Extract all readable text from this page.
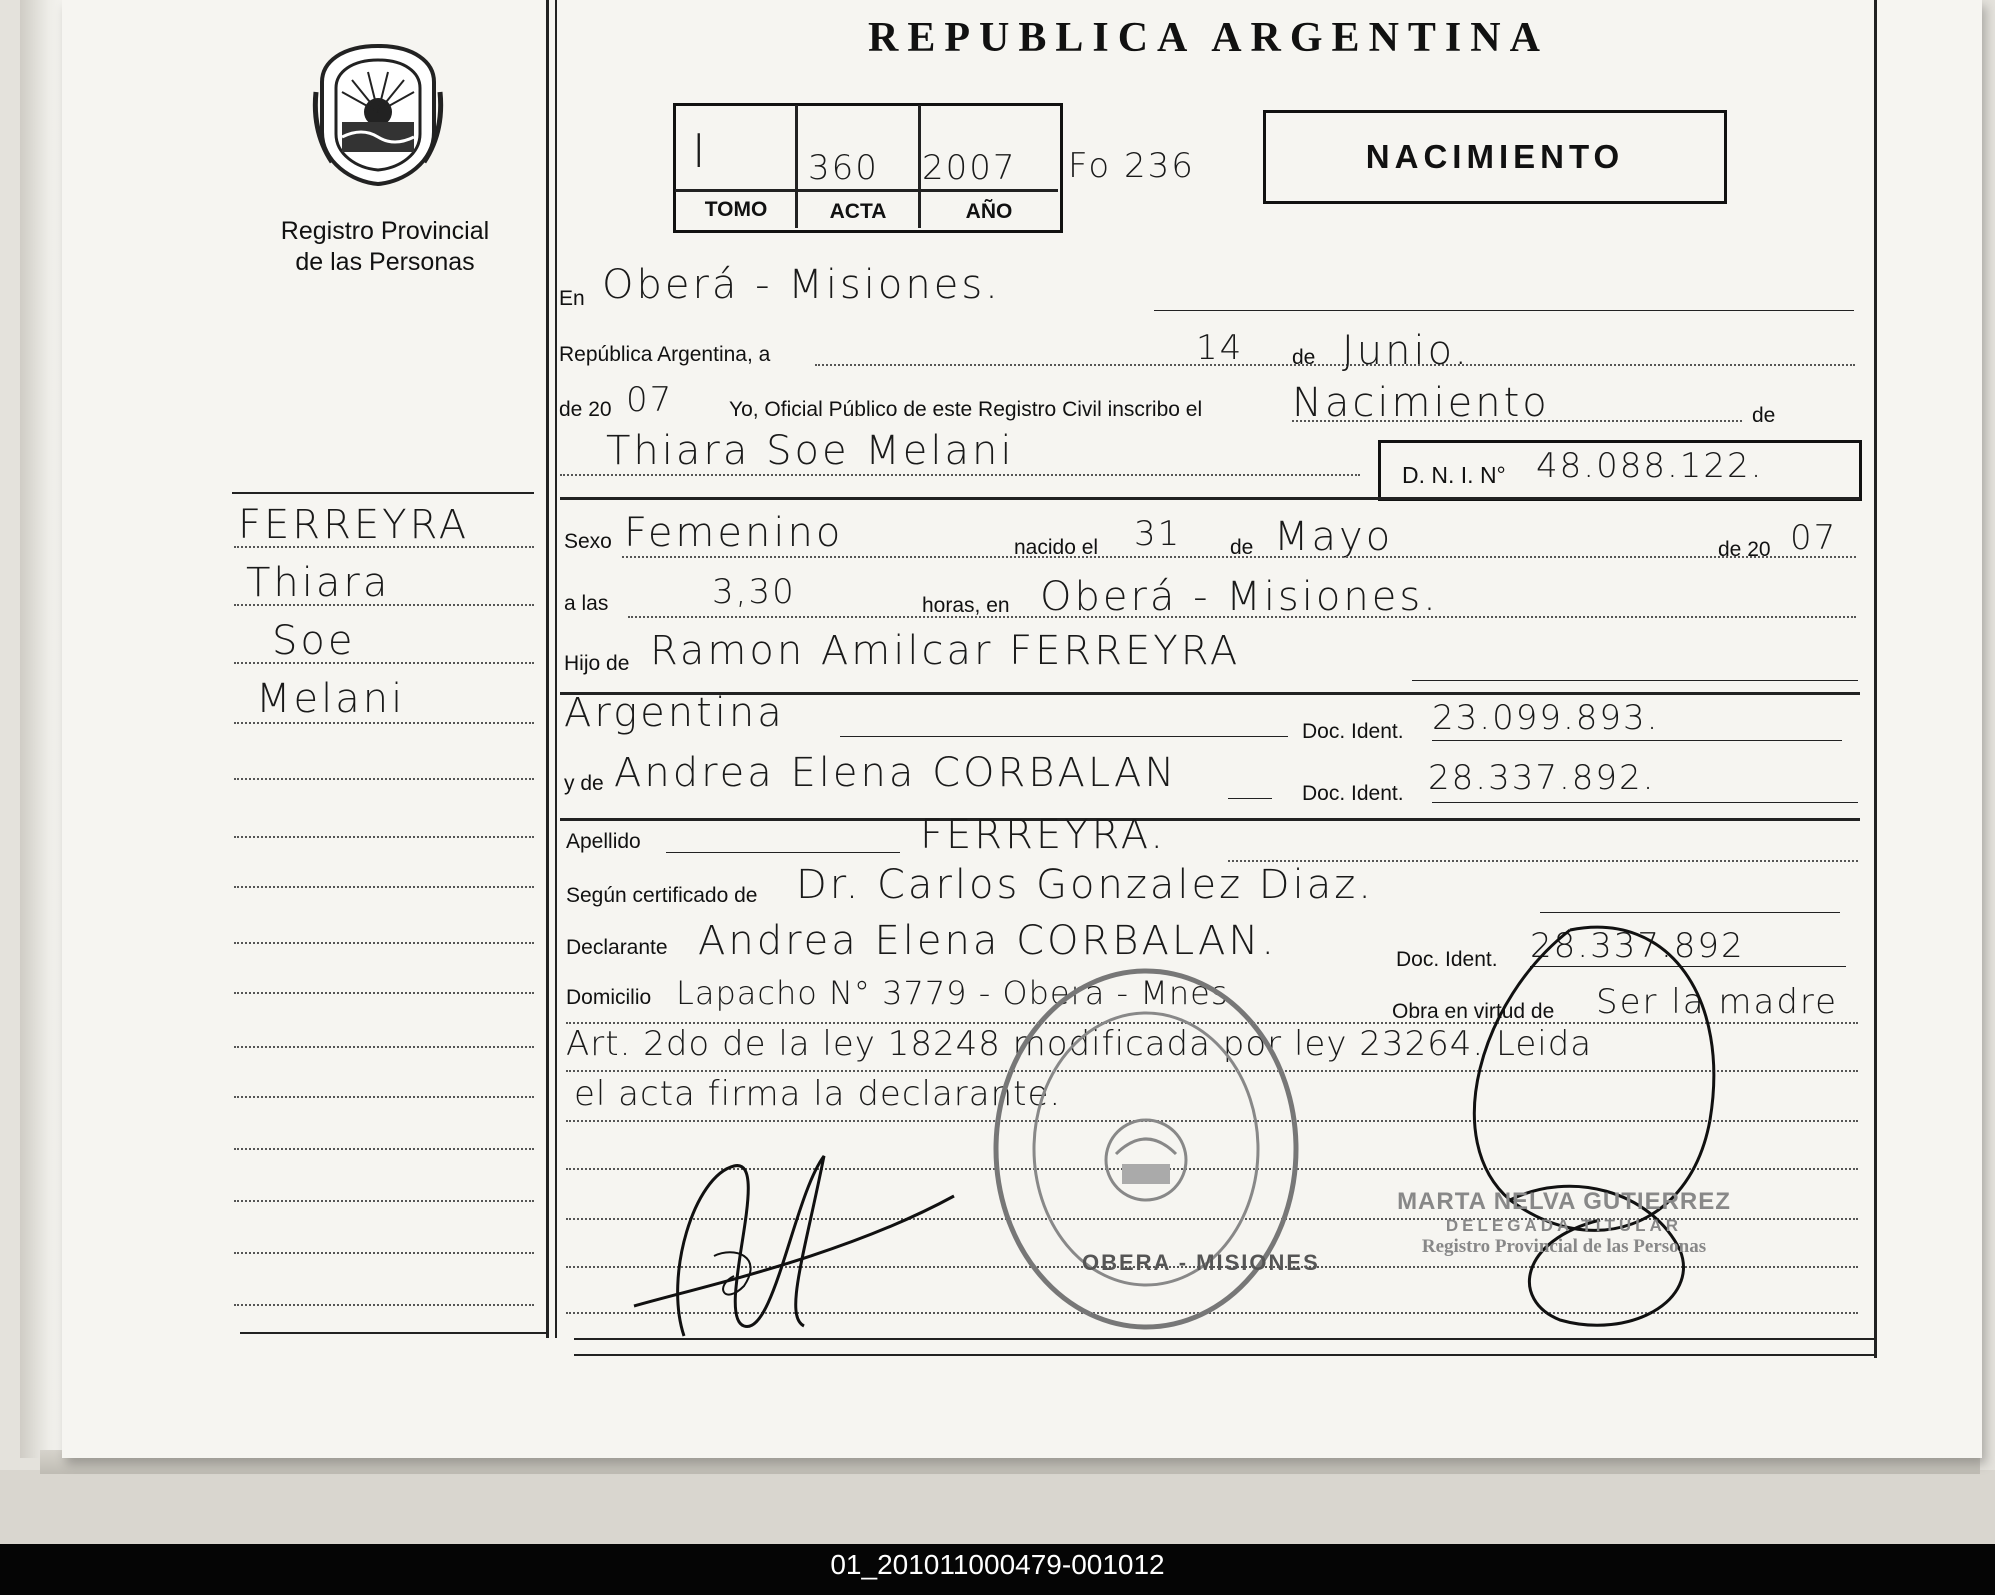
Registro Provincial
de las Personas
REPUBLICA ARGENTINA
I	360 2007
TOMO	ACTA	AÑO
Fo 236	NACIMIENTO
FERREYRA
Thiara
Soe
Melani
En Oberá - Misiones.
República Argentina, a	14 de Junio.
de 20 07	Yo, Oficial Público de este Registro Civil inscribo el Nacimiento	de
Thiara Soe Melani
D. N. I. N° 48.088.122.
Sexo Femenino	nacido el 31 de Mayo	de 20 07
a las	3,30	horas, en Oberá - Misiones.
Hijo de Ramon Amilcar FERREYRA
Argentina	Doc. Ident. 23.099.893.
y de Andrea Elena CORBALAN	Doc. Ident. 28.337.892.
Apellido	FERREYRA.
Según certificado de Dr. Carlos Gonzalez Diaz.
Declarante Andrea Elena CORBALAN.	Doc. Ident. 28.337.892
Domicilio Lapacho N° 3779 - Oberá - Mnes.	Obra en virtud de Ser la madre
Art. 2do de la ley 18248 modificada por ley 23264. Leida
el acta firma la declarante.
OBERA - MISIONES
MARTA NELVA GUTIERREZ
DELEGADA TITULAR
Registro Provincial de las Personas
01_201011000479-001012
